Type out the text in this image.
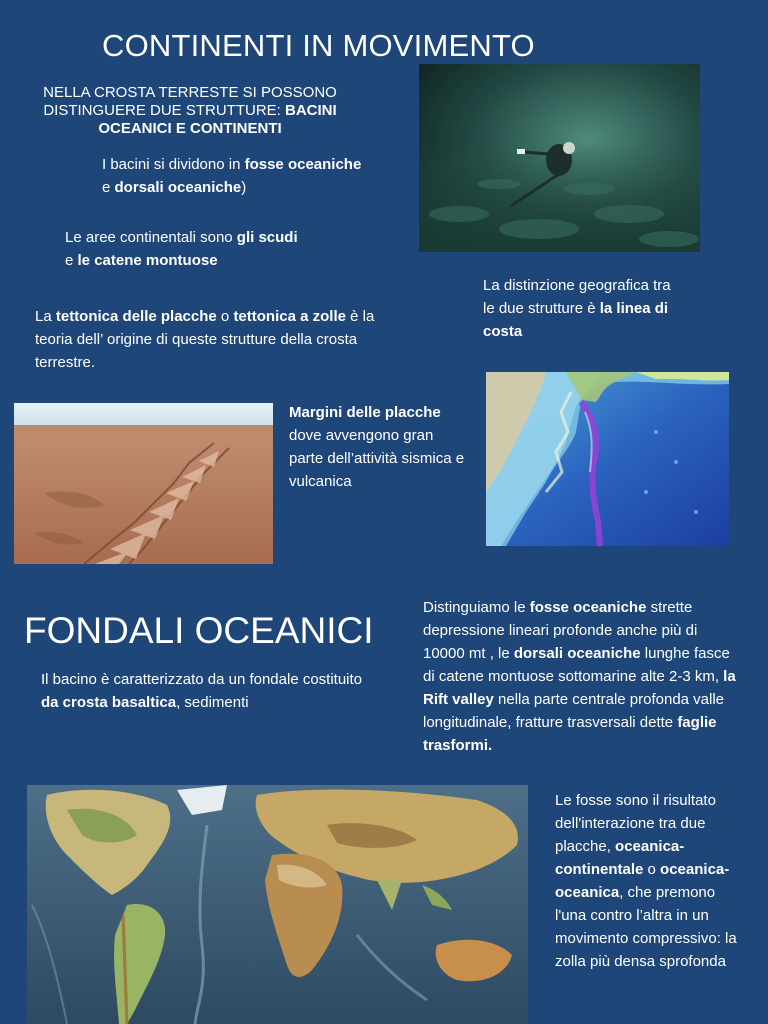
CONTINENTI IN MOVIMENTO
NELLA CROSTA TERRESTE SI POSSONO DISTINGUERE DUE STRUTTURE: BACINI OCEANICI E CONTINENTI
I bacini si dividono in fosse oceaniche e dorsali oceaniche)
Le aree continentali sono gli scudi e le catene montuose
La tettonica delle placche o tettonica a zolle è la teoria dell’ origine di queste strutture della crosta terrestre.
La distinzione geografica tra le due strutture è la linea di costa
Margini delle placche dove avvengono gran parte dell’attività sismica e vulcanica
FONDALI OCEANICI
Il bacino è caratterizzato da un fondale costituito da crosta basaltica, sedimenti
Distinguiamo le fosse oceaniche strette depressione lineari profonde anche più di 10000 mt , le dorsali oceaniche lunghe fasce di catene montuose sottomarine alte 2-3 km, la Rift valley nella parte centrale profonda valle longitudinale, fratture trasversali dette faglie trasformi.
Le fosse sono il risultato dell'interazione tra due placche, oceanica-continentale o oceanica-oceanica, che premono l'una contro l’altra in un movimento compressivo: la zolla più densa sprofonda
